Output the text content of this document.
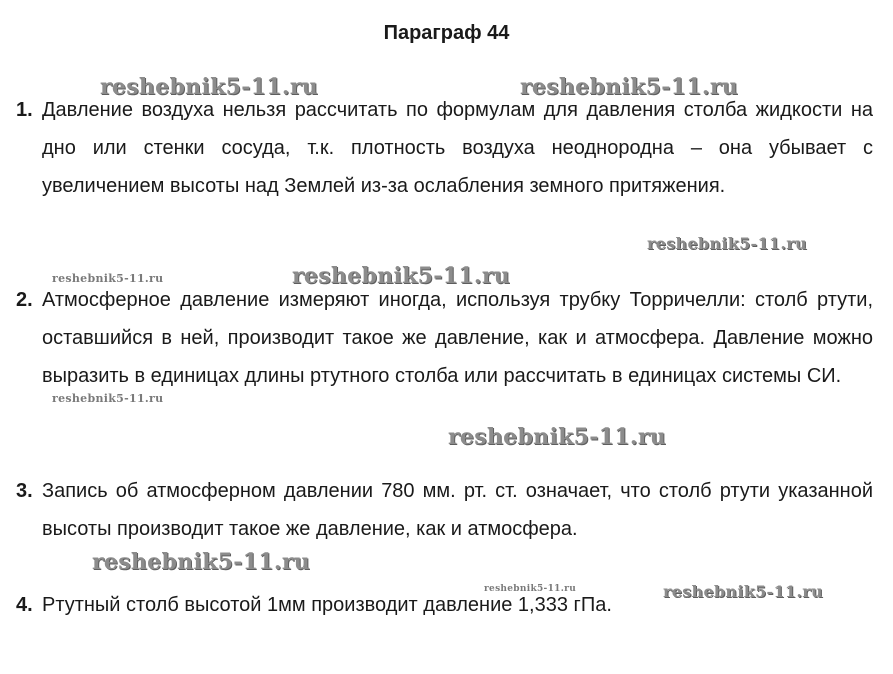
Параграф 44
1. Давление воздуха нельзя рассчитать по формулам для давления столба жидкости на дно или стенки сосуда, т.к. плотность воздуха неоднородна – она убывает с увеличением высоты над Землей из-за ослабления земного притяжения.
2. Атмосферное давление измеряют иногда, используя трубку Торричелли: столб ртути, оставшийся в ней, производит такое же давление, как и атмосфера. Давление можно выразить в единицах длины ртутного столба или рассчитать в единицах системы СИ.
3. Запись об атмосферном давлении 780 мм. рт. ст. означает, что столб ртути указанной высоты производит такое же давление, как и атмосфера.
4. Ртутный столб высотой 1мм производит давление 1,333 гПа.
reshebnik5-11.ru	reshebnik5-11.ru
reshebnik5-11.ru
reshebnik5-11.ru	reshebnik5-11.ru
reshebnik5-11.ru
reshebnik5-11.ru
reshebnik5-11.ru
reshebnik5-11.ru	reshebnik5-11.ru
